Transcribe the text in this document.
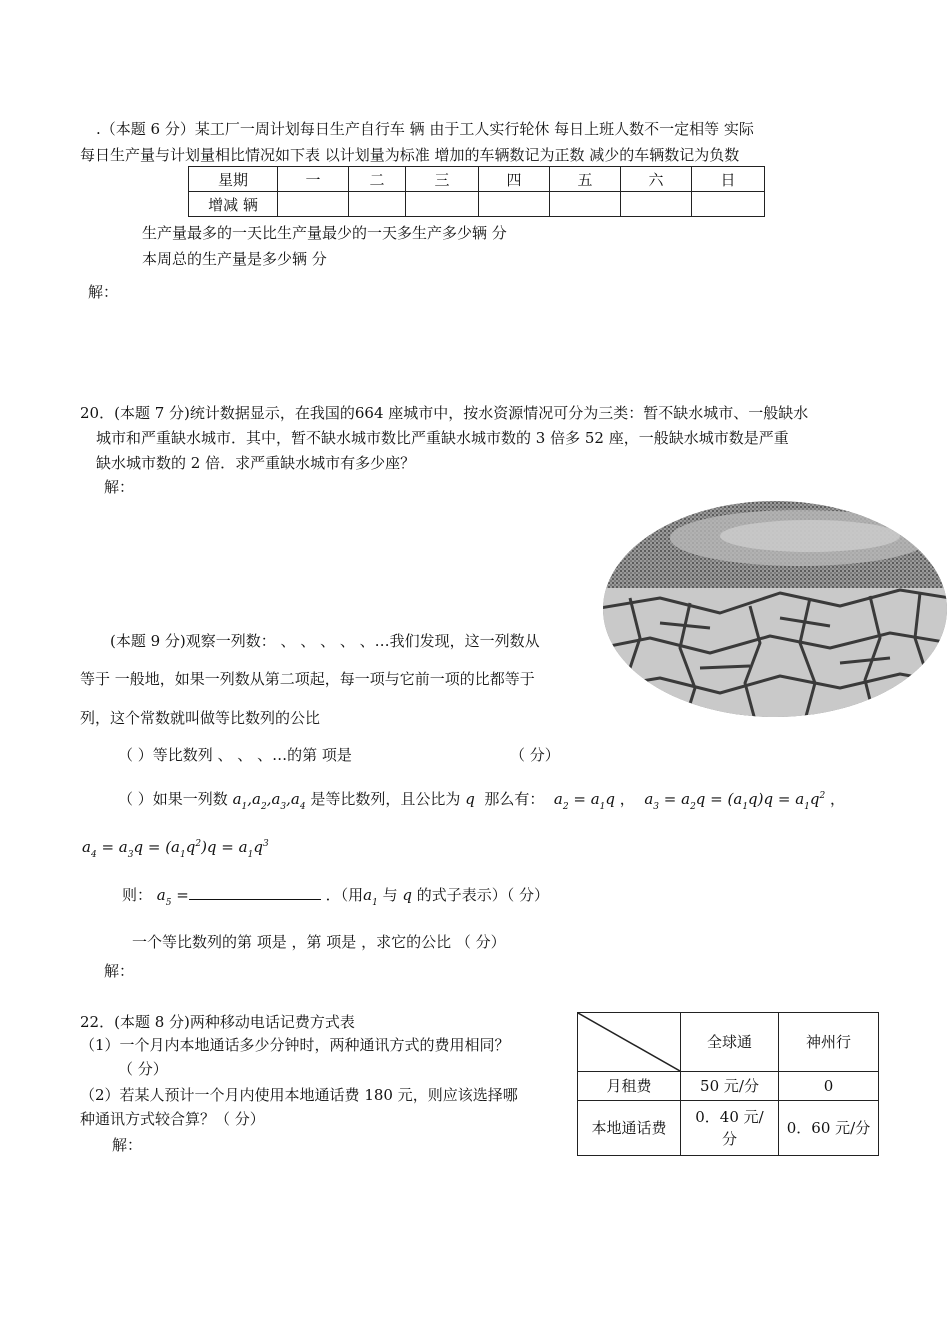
.（本题 6 分）某工厂一周计划每日生产自行车 辆 由于工人实行轮休 每日上班人数不一定相等 实际
每日生产量与计划量相比情况如下表 以计划量为标准 增加的车辆数记为正数 减少的车辆数记为负数
星期	一	二	三	四	五	六	日
增减 辆							
生产量最多的一天比生产量最少的一天多生产多少辆 分
本周总的生产量是多少辆 分
解：
20．(本题 7 分)统计数据显示，在我国的664 座城市中，按水资源情况可分为三类：暂不缺水城市、一般缺水
城市和严重缺水城市．其中，暂不缺水城市数比严重缺水城市数的 3 倍多 52 座，一般缺水城市数是严重
缺水城市数的 2 倍．求严重缺水城市有多少座？
解：
(本题 9 分)观察一列数： 、 、 、 、 、…我们发现，这一列数从
等于 一般地，如果一列数从第二项起，每一项与它前一项的比都等于
列，这个常数就叫做等比数列的公比
（ ）等比数列 、 、 、…的第 项是	（ 分）
（ ）如果一列数 $a_1,a_2,a_3,a_4$ 是等比数列，且公比为 q 那么有：  $a_2 = a_1q$ ，  $a_3 = a_2q = (a_1q)q = a_1q^2$ ，
$a_4 = a_3q = (a_1q^2)q = a_1q^3$
则： $a_5$ =	．（用$a_1$ 与 q 的式子表示）（ 分）
一个等比数列的第 项是 ，第 项是 ，求它的公比 （ 分）
解：
22．(本题 8 分)两种移动电话记费方式表
（1）一个月内本地通话多少分钟时，两种通讯方式的费用相同？
（ 分）
（2）若某人预计一个月内使用本地通话费 180 元，则应该选择哪
种通讯方式较合算？（ 分）
解：
	全球通	神州行
月租费	50 元/分	0
本地通话费	0．40 元/
分	0．60 元/分
